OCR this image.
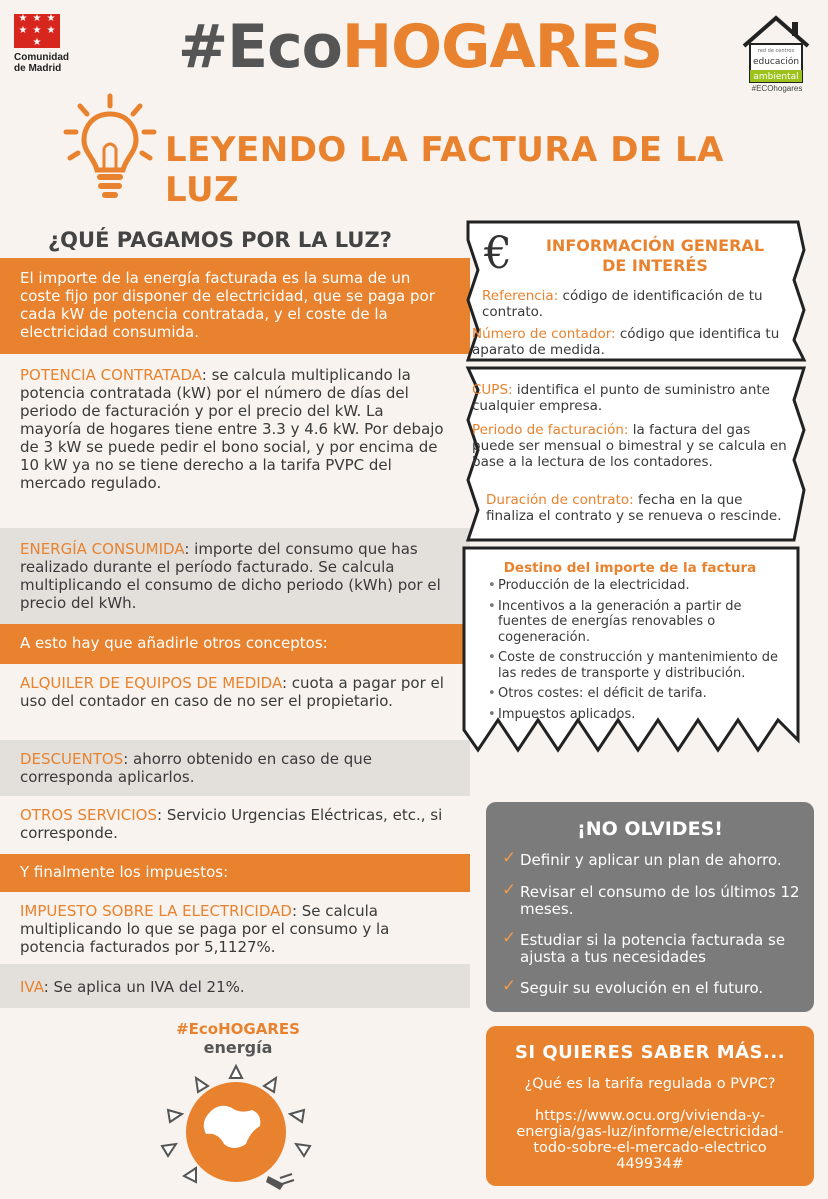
★ ★ ★
★ ★ ★
★
Comunidad
de Madrid	#EcoHOGARES	red de centros
educación
ambiental
#ECOhogares
LEYENDO LA FACTURA DE LA LUZ
¿QUÉ PAGAMOS POR LA LUZ?
El importe de la energía facturada es la suma de un coste fijo por disponer de electricidad, que se paga por cada kW de potencia contratada, y el coste de la electricidad consumida.
POTENCIA CONTRATADA: se calcula multiplicando la potencia contratada (kW) por el número de días del periodo de facturación y por el precio del kW. La mayoría de hogares tiene entre 3.3 y 4.6 kW. Por debajo de 3 kW se puede pedir el bono social, y por encima de 10 kW ya no se tiene derecho a la tarifa PVPC del mercado regulado.
ENERGÍA CONSUMIDA: importe del consumo que has realizado durante el período facturado. Se calcula multiplicando el consumo de dicho periodo (kWh) por el precio del kWh.
A esto hay que añadirle otros conceptos:
ALQUILER DE EQUIPOS DE MEDIDA: cuota a pagar por el uso del contador en caso de no ser el propietario.
DESCUENTOS: ahorro obtenido en caso de que corresponda aplicarlos.
OTROS SERVICIOS: Servicio Urgencias Eléctricas, etc., si corresponde.
Y finalmente los impuestos:
IMPUESTO SOBRE LA ELECTRICIDAD: Se calcula multiplicando lo que se paga por el consumo y la potencia facturados por 5,1127%.
IVA: Se aplica un IVA del 21%.
€	INFORMACIÓN GENERAL
DE INTERÉS
Referencia: código de identificación de tu contrato.
Número de contador: código que identifica tu aparato de medida.
CUPS: identifica el punto de suministro ante cualquier empresa.
Periodo de facturación: la factura del gas puede ser mensual o bimestral y se calcula en base a la lectura de los contadores.
Duración de contrato: fecha en la que finaliza el contrato y se renueva o rescinde.
Destino del importe de la factura
• Producción de la electricidad.
• Incentivos a la generación a partir de fuentes de energías renovables o cogeneración.
• Coste de construcción y mantenimiento de las redes de transporte y distribución.
• Otros costes: el déficit de tarifa.
• Impuestos aplicados.
¡NO OLVIDES!
✓ Definir y aplicar un plan de ahorro.
✓ Revisar el consumo de los últimos 12 meses.
✓ Estudiar si la potencia facturada se ajusta a tus necesidades
✓ Seguir su evolución en el futuro.
SI QUIERES SABER MÁS...
¿Qué es la tarifa regulada o PVPC?
https://www.ocu.org/vivienda-y-energia/gas-luz/informe/electricidad-todo-sobre-el-mercado-electrico 449934#
#EcoHOGARES
energía
